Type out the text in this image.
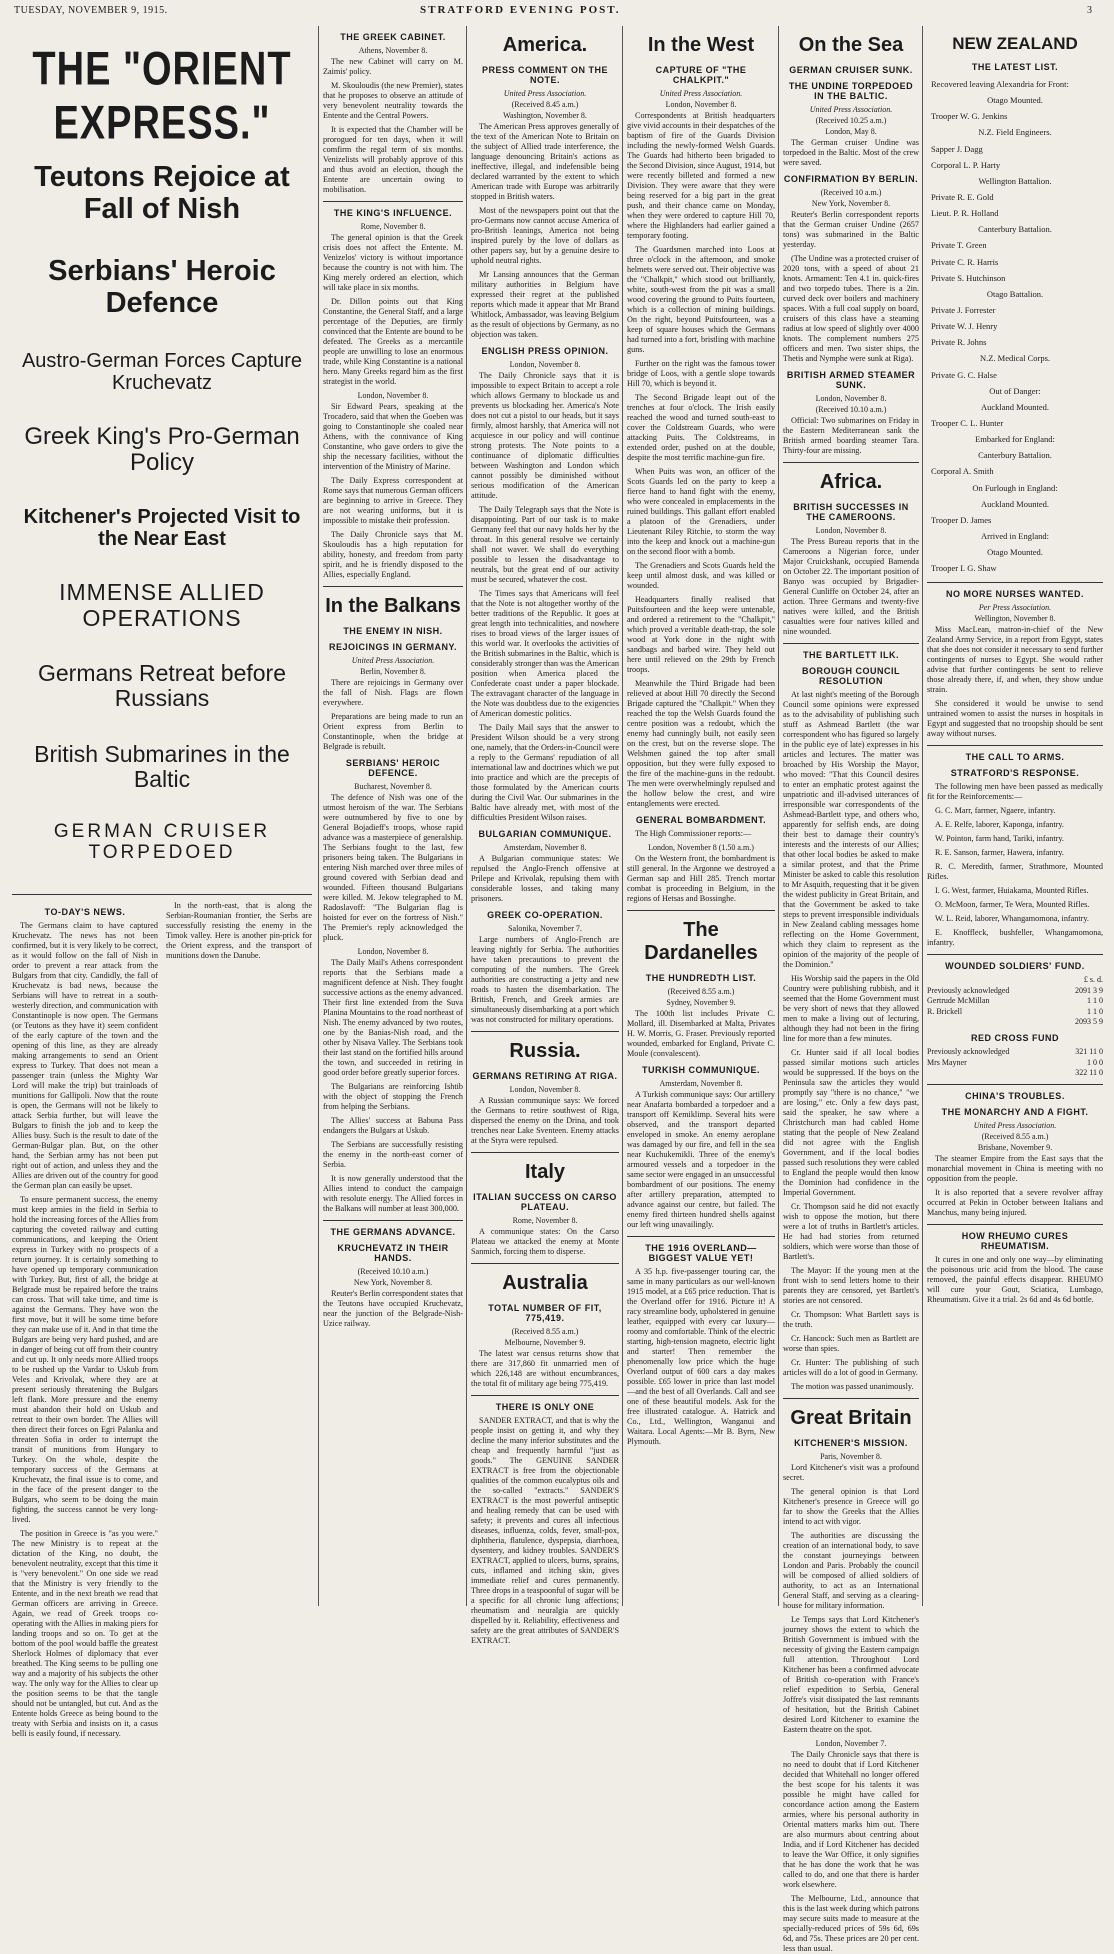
TUESDAY, NOVEMBER 9, 1915.	STRATFORD EVENING POST.	3
THE "ORIENT EXPRESS."
Teutons Rejoice at Fall of Nish
Serbians' Heroic Defence
Austro-German Forces Capture Kruchevatz
Greek King's Pro-German Policy
Kitchener's Projected Visit to the Near East
IMMENSE ALLIED OPERATIONS
Germans Retreat before Russians
British Submarines in the Baltic
GERMAN CRUISER TORPEDOED
TO-DAY'S NEWS.

The Germans claim to have captured Kruchevatz. The news has not been confirmed, but it is very likely to be correct, as it would follow on the fall of Nish in order to prevent a rear attack from the Bulgars from that city. Candidly, the fall of Kruchevatz is bad news, because the Serbians will have to retreat in a south-westerly direction, and communication with Constantinople is now open. The Germans (or Teutons as they have it) seem confident of the early capture of the town and the opening of this line, as they are already making arrangements to send an Orient express to Turkey. That does not mean a passenger train (unless the Mighty War Lord will make the trip) but trainloads of munitions for Gallipoli. Now that the route is open, the Germans will not be likely to attack Serbia further, but will leave the Bulgars to finish the job and to keep the Allies busy. Such is the result to date of the German-Bulgar plan. But, on the other hand, the Serbian army has not been put right out of action, and unless they and the Allies are driven out of the country for good the German plan can easily be upset.

To ensure permanent success, the enemy must keep armies in the field in Serbia to hold the increasing forces of the Allies from capturing the coveted railway and cutting communications, and keeping the Orient express in Turkey with no prospects of a return journey. It is certainly something to have opened up temporary communication with Turkey. But, first of all, the bridge at Belgrade must be repaired before the trains can cross. That will take time, and time is against the Germans. They have won the first move, but it will be some time before they can make use of it. And in that time the Bulgars are being very hard pushed, and are in danger of being cut off from their country and cut up. It only needs more Allied troops to be rushed up the Vardar to Uskub from Veles and Krivolak, where they are at present seriously threatening the Bulgars left flank. More pressure and the enemy must abandon their hold on Uskub and retreat to their own border. The Allies will then direct their forces on Egri Palanka and threaten Sofia in order to interrupt the transit of munitions from Hungary to Turkey. On the whole, despite the temporary success of the Germans at Kruchevatz, the final issue is to come, and in the face of the present danger to the Bulgars, who seem to be doing the main fighting, the success cannot be very long-lived.

The position in Greece is "as you were." The new Ministry is to repeat at the dictation of the King, no doubt, the benevolent neutrality, except that this time it is "very benevolent." On one side we read that the Ministry is very friendly to the Entente, and in the next breath we read that German officers are arriving in Greece. Again, we read of Greek troops co-operating with the Allies in making piers for landing troops and so on. To get at the bottom of the pool would baffle the greatest Sherlock Holmes of diplomacy that ever breathed. The King seems to be pulling one way and a majority of his subjects the other way. The only way for the Allies to clear up the position seems to be that the tangle should not be untangled, but cut. And as the Entente holds Greece as being bound to the treaty with Serbia and insists on it, a casus belli is easily found, if necessary.

In the north-east, that is along the Serbian-Roumanian frontier, the Serbs are successfully resisting the enemy in the Timok valley. Here is another pin-prick for the Orient express, and the transport of munitions down the Danube.

THE GREEK CABINET.
Athens, November 8.

The new Cabinet will carry on M. Zaimis' policy.

M. Skouloudis (the new Premier), states that he proposes to observe an attitude of very benevolent neutrality towards the Entente and the Central Powers.

It is expected that the Chamber will be prorogued for ten days, when it will comfirm the regal term of six months. Venizelists will probably approve of this and thus avoid an election, though the Entente are uncertain owing to mobilisation.

THE KING'S INFLUENCE.
Rome, November 8.

The general opinion is that the Greek crisis does not affect the Entente. M. Venizelos' victory is without importance because the country is not with him. The King merely ordered an election, which will take place in six months.

Dr. Dillon points out that King Constantine, the General Staff, and a large percentage of the Deputies, are firmly convinced that the Entente are bound to be defeated. The Greeks as a mercantile people are unwilling to lose an enormous trade, while King Constantine is a national hero. Many Greeks regard him as the first strategist in the world.

London, November 8.

Sir Edward Pears, speaking at the Trocadero, said that when the Goeben was going to Constantinople she coaled near Athens, with the connivance of King Constantine, who gave orders to give the ship the necessary facilities, without the intervention of the Ministry of Marine.

The Daily Express correspondent at Rome says that numerous German officers are beginning to arrive in Greece. They are not wearing uniforms, but it is impossible to mistake their profession.

The Daily Chronicle says that M. Skouloudis has a high reputation for ability, honesty, and freedom from party spirit, and he is friendly disposed to the Allies, especially England.

In the Balkans
THE ENEMY IN NISH.
REJOICINGS IN GERMANY.
United Press Association.
Berlin, November 8.

There are rejoicings in Germany over the fall of Nish. Flags are flown everywhere.

Preparations are being made to run an Orient express from Berlin to Constantinople, when the bridge at Belgrade is rebuilt.

SERBIANS' HEROIC DEFENCE.
Bucharest, November 8.

The defence of Nish was one of the utmost heroism of the war. The Serbians were outnumbered by five to one by General Bojadieff's troops, whose rapid advance was a masterpiece of generalship. The Serbians fought to the last, few prisoners being taken. The Bulgarians in entering Nish marched over three miles of ground covered with Serbian dead and wounded. Fifteen thousand Bulgarians were killed. M. Jekow telegraphed to M. Radoslavoff: "The Bulgarian flag is hoisted for ever on the fortress of Nish." The Premier's reply acknowledged the pluck.

London, November 8.

The Daily Mail's Athens correspondent reports that the Serbians made a magnificent defence at Nish. They fought successive actions as the enemy advanced. Their first line extended from the Suva Planina Mountains to the road northeast of Nish. The enemy advanced by two routes, one by the Banias-Nish road, and the other by Nisava Valley. The Serbians took their last stand on the fortified hills around the town, and succeeded in retiring in good order before greatly superior forces.

The Bulgarians are reinforcing Ishtib with the object of stopping the French from helping the Serbians.

The Allies' success at Babuna Pass endangers the Bulgars at Uskub.

The Serbians are successfully resisting the enemy in the north-east corner of Serbia.

It is now generally understood that the Allies intend to conduct the campaign with resolute energy. The Allied forces in the Balkans will number at least 300,000.

THE GERMANS ADVANCE.
KRUCHEVATZ IN THEIR HANDS.
(Received 10.10 a.m.)
New York, November 8.

Reuter's Berlin correspondent states that the Teutons have occupied Kruchevatz, near the junction of the Belgrade-Nish-Uzice railway.

America.
PRESS COMMENT ON THE NOTE.
United Press Association.
(Received 8.45 a.m.)
Washington, November 8.

The American Press approves generally of the text of the American Note to Britain on the subject of Allied trade interference, the language denouncing Britain's actions as ineffective, illegal, and indefensible being declared warranted by the extent to which American trade with Europe was arbitrarily stopped in British waters.

Most of the newspapers point out that the pro-Germans now cannot accuse America of pro-British leanings, America not being inspired purely by the love of dollars as other papers say, but by a genuine desire to uphold neutral rights.

Mr Lansing announces that the German military authorities in Belgium have expressed their regret at the published reports which made it appear that Mr Brand Whitlock, Ambassador, was leaving Belgium as the result of objections by Germany, as no objection was taken.

ENGLISH PRESS OPINION.
London, November 8.

The Daily Chronicle says that it is impossible to expect Britain to accept a role which allows Germany to blockade us and prevents us blockading her. America's Note does not cut a pistol to our heads, but it says firmly, almost harshly, that America will not acquiesce in our policy and will continue strong protests. The Note points to a continuance of diplomatic difficulties between Washington and London which cannot possibly be diminished without serious modification of the American attitude.

The Daily Telegraph says that the Note is disappointing. Part of our task is to make Germany feel that our navy holds her by the throat. In this general resolve we certainly shall not waver. We shall do everything possible to lessen the disadvantage to neutrals, but the great end of our activity must be secured, whatever the cost.

The Times says that Americans will feel that the Note is not altogether worthy of the better traditions of the Republic. It goes at great length into technicalities, and nowhere rises to broad views of the larger issues of this world war. It overlooks the activities of the British submarines in the Baltic, which is considerably stronger than was the American position when America placed the Confederate coast under a paper blockade. The extravagant character of the language in the Note was doubtless due to the exigencies of American domestic politics.

The Daily Mail says that the answer to President Wilson should be a very strong one, namely, that the Orders-in-Council were a reply to the Germans' repudiation of all international law and doctrines which we put into practice and which are the precepts of those formulated by the American courts during the Civil War. Our submarines in the Baltic have already met, with most of the difficulties President Wilson raises.

BULGARIAN COMMUNIQUE.
Amsterdam, November 8.

A Bulgarian communique states: We repulsed the Anglo-French offensive at Prilepe and Krivolak, repulsing them with considerable losses, and taking many prisoners.

GREEK CO-OPERATION.
Salonika, November 7.

Large numbers of Anglo-French are leaving nightly for Serbia. The authorities have taken precautions to prevent the computing of the numbers. The Greek authorities are constructing a jetty and new roads to hasten the disembarkation. The British, French, and Greek armies are simultaneously disembarking at a port which was not constructed for military operations.

Russia.
GERMANS RETIRING AT RIGA.
London, November 8.

A Russian communique says: We forced the Germans to retire southwest of Riga, dispersed the enemy on the Drina, and took trenches near Lake Sventeen. Enemy attacks at the Styra were repulsed.

Italy
ITALIAN SUCCESS ON CARSO PLATEAU.
Rome, November 8.

A communique states: On the Carso Plateau we attacked the enemy at Monte Sanmich, forcing them to disperse.

Australia
TOTAL NUMBER OF FIT, 775,419.
(Received 8.55 a.m.)
Melbourne, November 9.

The latest war census returns show that there are 317,860 fit unmarried men of which 226,148 are without encumbrances, the total fit of military age being 775,419.

THERE IS ONLY ONE

SANDER EXTRACT, and that is why the people insist on getting it, and why they decline the many inferior substitutes and the cheap and frequently harmful "just as goods." The GENUINE SANDER EXTRACT is free from the objectionable qualities of the common eucalyptus oils and the so-called "extracts." SANDER'S EXTRACT is the most powerful antiseptic and healing remedy that can be used with safety; it prevents and cures all infectious diseases, influenza, colds, fever, small-pox, diphtheria, flatulence, dyspepsia, diarrhoea, dysentery, and kidney troubles. SANDER'S EXTRACT, applied to ulcers, burns, sprains, cuts, inflamed and itching skin, gives immediate relief and cures permanently. Three drops in a teaspoonful of sugar will be a specific for all chronic lung affections; rheumatism and neuralgia are quickly dispelled by it. Reliability, effectiveness and safety are the great attributes of SANDER'S EXTRACT.

In the West
CAPTURE OF "THE CHALKPIT."
United Press Association.
London, November 8.

Correspondents at British headquarters give vivid accounts in their despatches of the baptism of fire of the Guards Division including the newly-formed Welsh Guards. The Guards had hitherto been brigaded to the Second Division, since August, 1914, but were recently billeted and formed a new Division. They were aware that they were being reserved for a big part in the great push, and their chance came on Monday, when they were ordered to capture Hill 70, where the Highlanders had earlier gained a temporary footing.

The Guardsmen marched into Loos at three o'clock in the afternoon, and smoke helmets were served out. Their objective was the "Chalkpit," which stood out brilliantly, white, south-west from the pit was a small wood covering the ground to Puits fourteen, which is a collection of mining buildings. On the right, beyond Puitsfourteen, was a keep of square houses which the Germans had turned into a fort, bristling with machine guns.

Further on the right was the famous tower bridge of Loos, with a gentle slope towards Hill 70, which is beyond it.

The Second Brigade leapt out of the trenches at four o'clock. The Irish easily reached the wood and turned south-east to cover the Coldstream Guards, who were attacking Puits. The Coldstreams, in extended order, pushed on at the double, despite the most terrific machine-gun fire.

When Puits was won, an officer of the Scots Guards led on the party to keep a fierce hand to hand fight with the enemy, who were concealed in emplacements in the ruined buildings. This gallant effort enabled a platoon of the Grenadiers, under Lieutenant Riley Ritchie, to storm the way into the keep and knock out a machine-gun on the second floor with a bomb.

The Grenadiers and Scots Guards held the keep until almost dusk, and was killed or wounded.

Headquarters finally realised that Puitsfourteen and the keep were untenable, and ordered a retirement to the "Chalkpit," which proved a veritable death-trap, the sole wood at York done in the night with sandbags and barbed wire. They held out here until relieved on the 29th by French troops.

Meanwhile the Third Brigade had been relieved at about Hill 70 directly the Second Brigade captured the "Chalkpit." When they reached the top the Welsh Guards found the centre position was a redoubt, which the enemy had cunningly built, not easily seen on the crest, but on the reverse slope. The Welshmen gained the top after small opposition, but they were fully exposed to the fire of the machine-guns in the redoubt. The men were overwhelmingly repulsed and the hollow below the crest, and wire entanglements were erected.

GENERAL BOMBARDMENT.

The High Commissioner reports:—

London, November 8 (1.50 a.m.)

On the Western front, the bombardment is still general. In the Argonne we destroyed a German sap and Hill 285. Trench mortar combat is proceeding in Belgium, in the regions of Hetsas and Bossinghe.

The Dardanelles
THE HUNDREDTH LIST.
(Received 8.55 a.m.)
Sydney, November 9.

The 100th list includes Private C. Mollard, ill. Disembarked at Malta, Privates H. W. Morris, G. Fraser. Previously reported wounded, embarked for England, Private C. Moule (convalescent).

TURKISH COMMUNIQUE.
Amsterdam, November 8.

A Turkish communique says: Our artillery near Anafarta bombarded a torpedoer and a transport off Kemiklimp. Several hits were observed, and the transport departed enveloped in smoke. An enemy aeroplane was damaged by our fire, and fell in the sea near Kuchukemikli. Three of the enemy's armoured vessels and a torpedoer in the same sector were engaged in an unsuccessful bombardment of our positions. The enemy after artillery preparation, attempted to advance against our centre, but failed. The enemy fired thirteen hundred shells against our left wing unavailingly.

THE 1916 OVERLAND—BIGGEST VALUE YET!

A 35 h.p. five-passenger touring car, the same in many particulars as our well-known 1915 model, at a £65 price reduction. That is the Overland offer for 1916. Picture it! A racy streamline body, upholstered in genuine leather, equipped with every car luxury—roomy and comfortable. Think of the electric starting, high-tension magneto, electric light and starter! Then remember the phenomenally low price which the huge Overland output of 600 cars a day makes possible. £65 lower in price than last model—and the best of all Overlands. Call and see one of these beautiful models. Ask for the free illustrated catalogue. A. Hatrick and Co., Ltd., Wellington, Wanganui and Waitara. Local Agents:—Mr B. Byrn, New Plymouth.

On the Sea
GERMAN CRUISER SUNK.
THE UNDINE TORPEDOED IN THE BALTIC.
United Press Association.
(Received 10.25 a.m.)
London, May 8.

The German cruiser Undine was torpedoed in the Baltic. Most of the crew were saved.

CONFIRMATION BY BERLIN.
(Received 10 a.m.)
New York, November 8.

Reuter's Berlin correspondent reports that the German cruiser Undine (2657 tons) was submarined in the Baltic yesterday.

(The Undine was a protected cruiser of 2020 tons, with a speed of about 21 knots. Armament: Ten 4.1 in. quick-fires and two torpedo tubes. There is a 2in. curved deck over boilers and machinery spaces. With a full coal supply on board, cruisers of this class have a steaming radius at low speed of slightly over 4000 knots. The complement numbers 275 officers and men. Two sister ships, the Thetis and Nymphe were sunk at Riga).

BRITISH ARMED STEAMER SUNK.
London, November 8.
(Received 10.10 a.m.)

Official: Two submarines on Friday in the Eastern Mediterranean sank the British armed boarding steamer Tara. Thirty-four are missing.

Africa.
BRITISH SUCCESSES IN THE CAMEROONS.
London, November 8.

The Press Bureau reports that in the Cameroons a Nigerian force, under Major Cruickshank, occupied Bamenda on October 22. The important position of Banyo was occupied by Brigadier-General Cunliffe on October 24, after an action. Three Germans and twenty-five natives were killed, and the British casualties were four natives killed and nine wounded.

THE BARTLETT ILK.
BOROUGH COUNCIL RESOLUTION

At last night's meeting of the Borough Council some opinions were expressed as to the advisability of publishing such stuff as Ashmead Bartlett (the war correspondent who has figured so largely in the public eye of late) expresses in his articles and lectures. The matter was broached by His Worship the Mayor, who moved: "That this Council desires to enter an emphatic protest against the unpatriotic and ill-advised utterances of irresponsible war correspondents of the Ashmead-Bartlett type, and others who, apparently for selfish ends, are doing their best to damage their country's interests and the interests of our Allies; that other local bodies be asked to make a similar protest, and that the Prime Minister be asked to cable this resolution to Mr Asquith, requesting that it be given the widest publicity in Great Britain, and that the Government be asked to take steps to prevent irresponsible individuals in New Zealand cabling messages home reflecting on the Home Government, which they claim to represent as the opinion of the majority of the people of the Dominion."

His Worship said the papers in the Old Country were publishing rubbish, and it seemed that the Home Government must be very short of news that they allowed men to make a living out of lecturing, although they had not been in the firing line for more than a few minutes.

Cr. Hunter said if all local bodies passed similar motions such articles would be suppressed. If the boys on the Peninsula saw the articles they would promptly say "there is no chance," "we are losing," etc. Only a few days past, said the speaker, he saw where a Christchurch man had cabled Home stating that the people of New Zealand did not agree with the English Government, and if the local bodies passed such resolutions they were cabled to England the people would then know the Dominion had confidence in the Imperial Government.

Cr. Thompson said he did not exactly wish to oppose the motion, but there were a lot of truths in Bartlett's articles. He had had stories from returned soldiers, which were worse than those of Bartlett's.

The Mayor: If the young men at the front wish to send letters home to their parents they are censored, yet Bartlett's stories are not censored.

Cr. Thompson: What Bartlett says is the truth.

Cr. Hancock: Such men as Bartlett are worse than spies.

Cr. Hunter: The publishing of such articles will do a lot of good in Germany.

The motion was passed unanimously.

Great Britain
KITCHENER'S MISSION.
Paris, November 8.

Lord Kitchener's visit was a profound secret.

The general opinion is that Lord Kitchener's presence in Greece will go far to show the Greeks that the Allies intend to act with vigor.

The authorities are discussing the creation of an international body, to save the constant journeyings between London and Paris. Probably the council will be composed of allied soldiers of authority, to act as an International General Staff, and serving as a clearing-house for military information.

Le Temps says that Lord Kitchener's journey shows the extent to which the British Government is imbued with the necessity of giving the Eastern campaign full attention. Throughout Lord Kitchener has been a confirmed advocate of British co-operation with France's relief expedition to Serbia, General Joffre's visit dissipated the last remnants of hesitation, but the British Cabinet desired Lord Kitchener to examine the Eastern theatre on the spot.

London, November 7.

The Daily Chronicle says that there is no need to doubt that if Lord Kitchener decided that Whitehall no longer offered the best scope for his talents it was possible he might have called for concordance action among the Eastern armies, where his personal authority in Oriental matters marks him out. There are also murmurs about centring about India, and if Lord Kitchener has decided to leave the War Office, it only signifies that he has done the work that he was called to do, and one that there is harder work elsewhere.

The Melbourne, Ltd., announce that this is the last week during which patrons may secure suits made to measure at the specially-reduced prices of 59s 6d, 69s 6d, and 75s. These prices are 20 per cent. less than usual.

NEW ZEALAND
THE LATEST LIST.
Recovered leaving Alexandria for Front:
Otago Mounted.
Trooper W. G. Jenkins
N.Z. Field Engineers.
Sapper J. Dagg
Corporal L. P. Harty
Wellington Battalion.
Private R. E. Gold
Lieut. P. R. Holland
Canterbury Battalion.
Private T. Green
Private C. R. Harris
Private S. Hutchinson
Otago Battalion.
Private J. Forrester
Private W. J. Henry
Private R. Johns
N.Z. Medical Corps.
Private G. C. Halse
Out of Danger:
Auckland Mounted.
Trooper C. L. Hunter
Embarked for England:
Canterbury Battalion.
Corporal A. Smith
On Furlough in England:
Auckland Mounted.
Trooper D. James
Arrived in England:
Otago Mounted.
Trooper I. G. Shaw
NO MORE NURSES WANTED.
Per Press Association.
Wellington, November 8.

Miss MacLean, matron-in-chief of the New Zealand Army Service, in a report from Egypt, states that she does not consider it necessary to send further contingents of nurses to Egypt. She would rather advise that further contingents be sent to relieve those already there, if, and when, they show undue strain.

She considered it would be unwise to send untrained women to assist the nurses in hospitals in Egypt and suggested that no troopship should be sent away without nurses.

THE CALL TO ARMS.
STRATFORD'S RESPONSE.

The following men have been passed as medically fit for the Reinforcements:—

G. C. Marr, farmer, Ngaere, infantry.

A. E. Relfe, laborer, Kaponga, infantry.

W. Pointon, farm hand, Tariki, infantry.

R. E. Sanson, farmer, Hawera, infantry.

R. C. Meredith, farmer, Strathmore, Mounted Rifles.

I. G. West, farmer, Huiakama, Mounted Rifles.

O. McMoon, farmer, Te Wera, Mounted Rifles.

W. L. Reid, laborer, Whangamomona, infantry.

E. Knoffleck, bushfeller, Whangamomona, infantry.

WOUNDED SOLDIERS' FUND.
£ s. d.
Previously acknowledged	2091 3 9
Gertrude McMillan	1 1 0
R. Brickell	1 1 0
2093 5 9
RED CROSS FUND
Previously acknowledged	321 11 0
Mrs Mayner	1 0 0
322 11 0
CHINA'S TROUBLES.
THE MONARCHY AND A FIGHT.
United Press Association.
(Received 8.55 a.m.)
Brisbane, November 9.

The steamer Empire from the East says that the monarchial movement in China is meeting with no opposition from the people.

It is also reported that a severe revolver affray occurred at Pekin in October between Italians and Manchus, many being injured.

HOW RHEUMO CURES RHEUMATISM.

It cures in one and only one way—by eliminating the poisonous uric acid from the blood. The cause removed, the painful effects disappear. RHEUMO will cure your Gout, Sciatica, Lumbago, Rheumatism. Give it a trial. 2s 6d and 4s 6d bottle.
